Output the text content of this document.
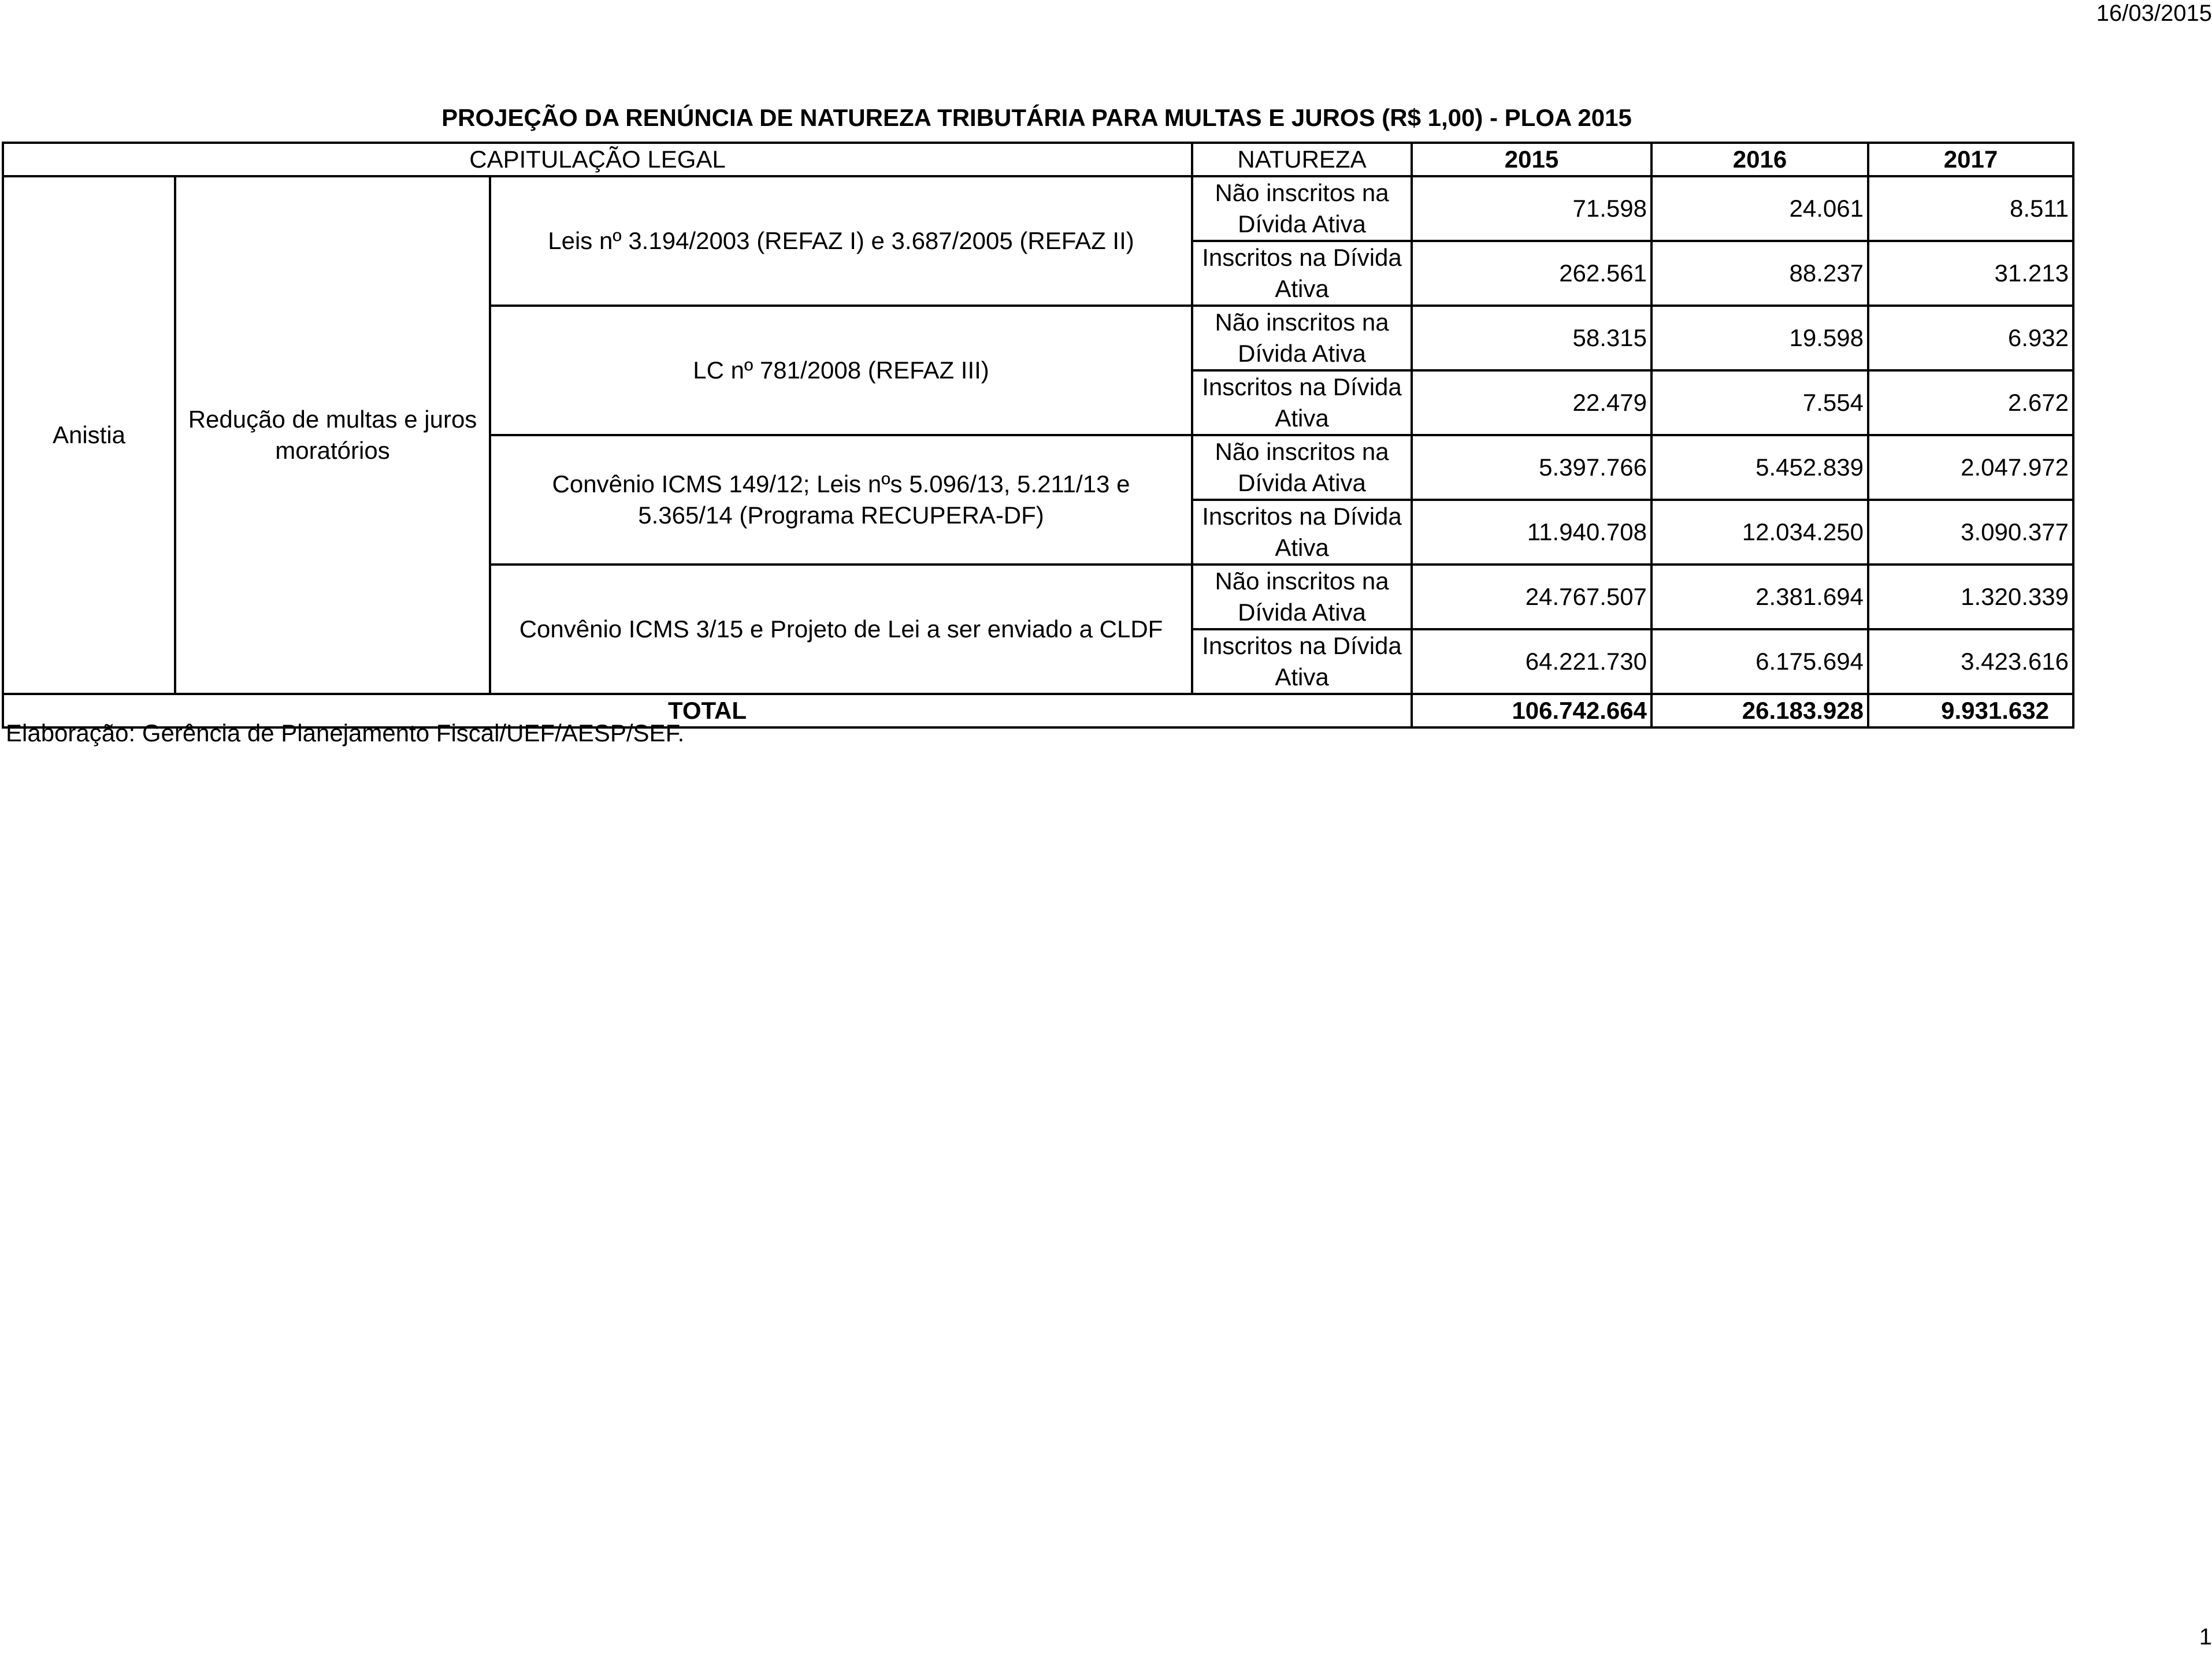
16/03/2015
PROJEÇÃO DA RENÚNCIA DE NATUREZA TRIBUTÁRIA PARA MULTAS E JUROS (R$ 1,00) - PLOA 2015
CAPITULAÇÃO LEGAL			NATUREZA	2015	2016	2017
Anistia	Redução de multas e juros moratórios	Leis nº 3.194/2003 (REFAZ I) e 3.687/2005 (REFAZ II)	Não inscritos na Dívida Ativa	71.598	24.061	8.511
			Inscritos na Dívida Ativa	262.561	88.237	31.213
		LC nº 781/2008 (REFAZ III)	Não inscritos na Dívida Ativa	58.315	19.598	6.932
			Inscritos na Dívida Ativa	22.479	7.554	2.672
		Convênio ICMS 149/12; Leis nºs 5.096/13, 5.211/13 e 5.365/14 (Programa RECUPERA-DF)	Não inscritos na Dívida Ativa	5.397.766	5.452.839	2.047.972
			Inscritos na Dívida Ativa	11.940.708	12.034.250	3.090.377
		Convênio ICMS 3/15 e Projeto de Lei a ser enviado a CLDF	Não inscritos na Dívida Ativa	24.767.507	2.381.694	1.320.339
			Inscritos na Dívida Ativa	64.221.730	6.175.694	3.423.616
TOTAL				106.742.664	26.183.928	9.931.632
Elaboração: Gerência de Planejamento Fiscal/UEF/AESP/SEF.
1
